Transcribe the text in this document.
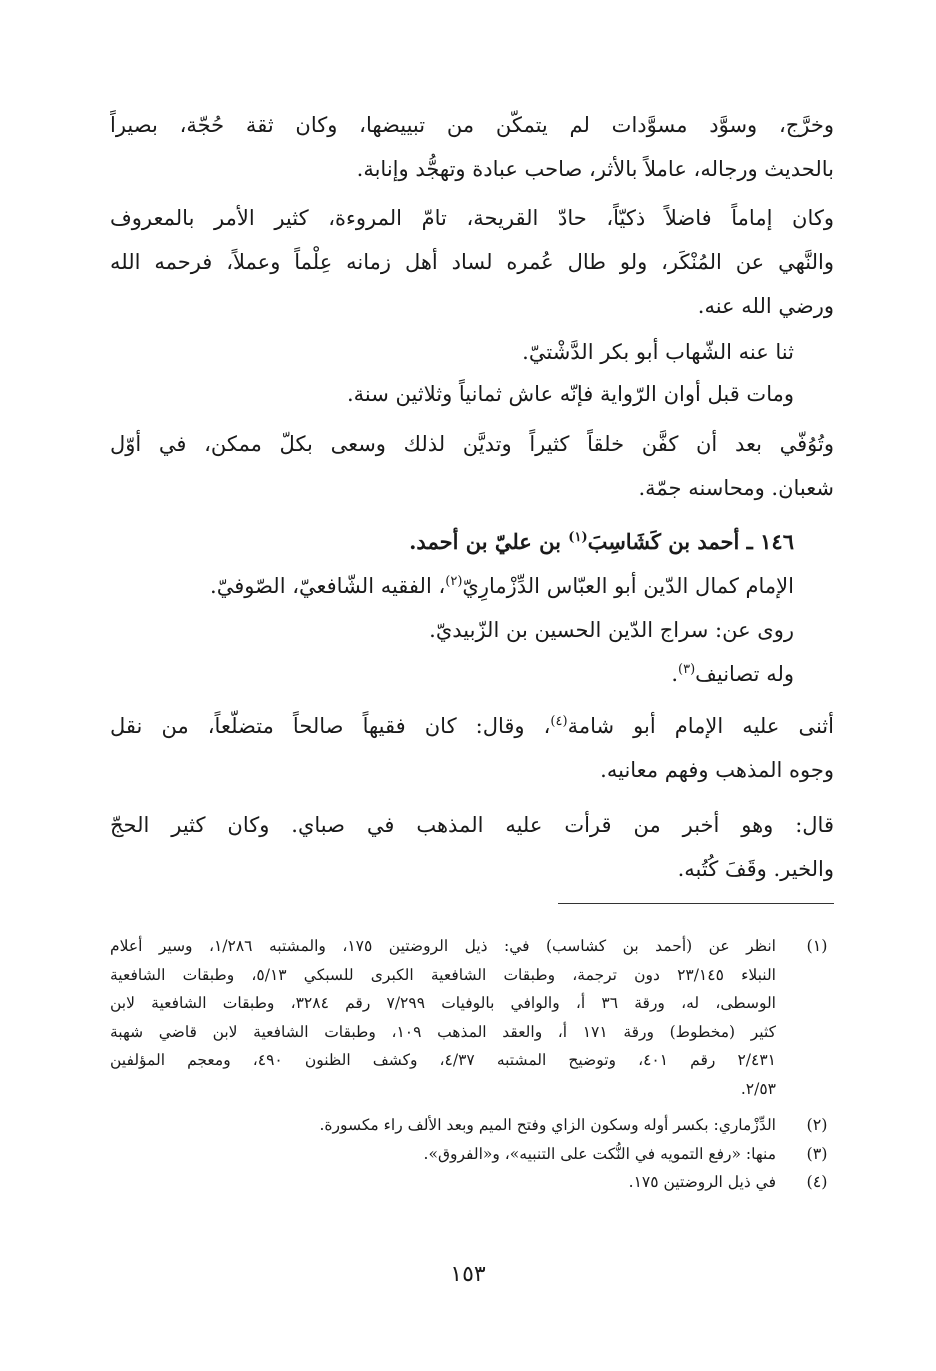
وخرَّج، وسوَّد مسوَّدات لم يتمكّن من تبييضها، وكان ثقة حُجّة، بصيراً
بالحديث ورجاله، عاملاً بالأثر، صاحب عبادة وتهجُّد وإنابة.
وكان إماماً فاضلاً ذكيّاً، حادّ القريحة، تامّ المروءة، كثير الأمر بالمعروف
والنَّهي عن المُنْكَر، ولو طال عُمره لساد أهل زمانه عِلْماً وعملاً، فرحمه الله
ورضي الله عنه.
ثنا عنه الشّهاب أبو بكر الدَّشْتيّ.
ومات قبل أوان الرّواية فإنّه عاش ثمانياً وثلاثين سنة.
وتُوُفّي بعد أن كفَّن خلقاً كثيراً وتديَّن لذلك وسعى بكلّ ممكن، في أوّل
شعبان. ومحاسنه جمّة.
١٤٦ ـ أحمد بن كَشَاسِبَ$^{(١)}$ بن عليّ بن أحمد.
الإمام كمال الدّين أبو العبّاس الدِّزْمارِيّ$^{(٢)}$، الفقيه الشّافعيّ، الصّوفيّ.
روى عن: سراج الدّين الحسين بن الزّبيديّ.
وله تصانيف$^{(٣)}$.
أثنى عليه الإمام أبو شامة$^{(٤)}$، وقال: كان فقيهاً صالحاً متضلّعاً، من نقل
وجوه المذهب وفهم معانيه.
قال: وهو أخبر من قرأت عليه المذهب في صباي. وكان كثير الحجّ
والخير. وقَفَ كُتُبه.
(١)
انظر عن (أحمد بن كشاسب) في: ذيل الروضتين ١٧٥، والمشتبه ١/٢٨٦، وسير أعلام
النبلاء ٢٣/١٤٥ دون ترجمة، وطبقات الشافعية الكبرى للسبكي ٥/١٣، وطبقات الشافعية
الوسطى، له، ورقة ٣٦ أ، والوافي بالوفيات ٧/٢٩٩ رقم ٣٢٨٤، وطبقات الشافعية لابن
كثير (مخطوط) ورقة ١٧١ أ، والعقد المذهب ١٠٩، وطبقات الشافعية لابن قاضي شهبة
٢/٤٣١ رقم ٤٠١، وتوضيح المشتبه ٤/٣٧، وكشف الظنون ٤٩٠، ومعجم المؤلفين
٢/٥٣.
(٢)
الدِّزْماري: بكسر أوله وسكون الزاي وفتح الميم وبعد الألف راء مكسورة.
(٣)
منها: «رفع التمويه في النُّكت على التنبيه»، و«الفروق».
(٤)
في ذيل الروضتين ١٧٥.
١٥٣
